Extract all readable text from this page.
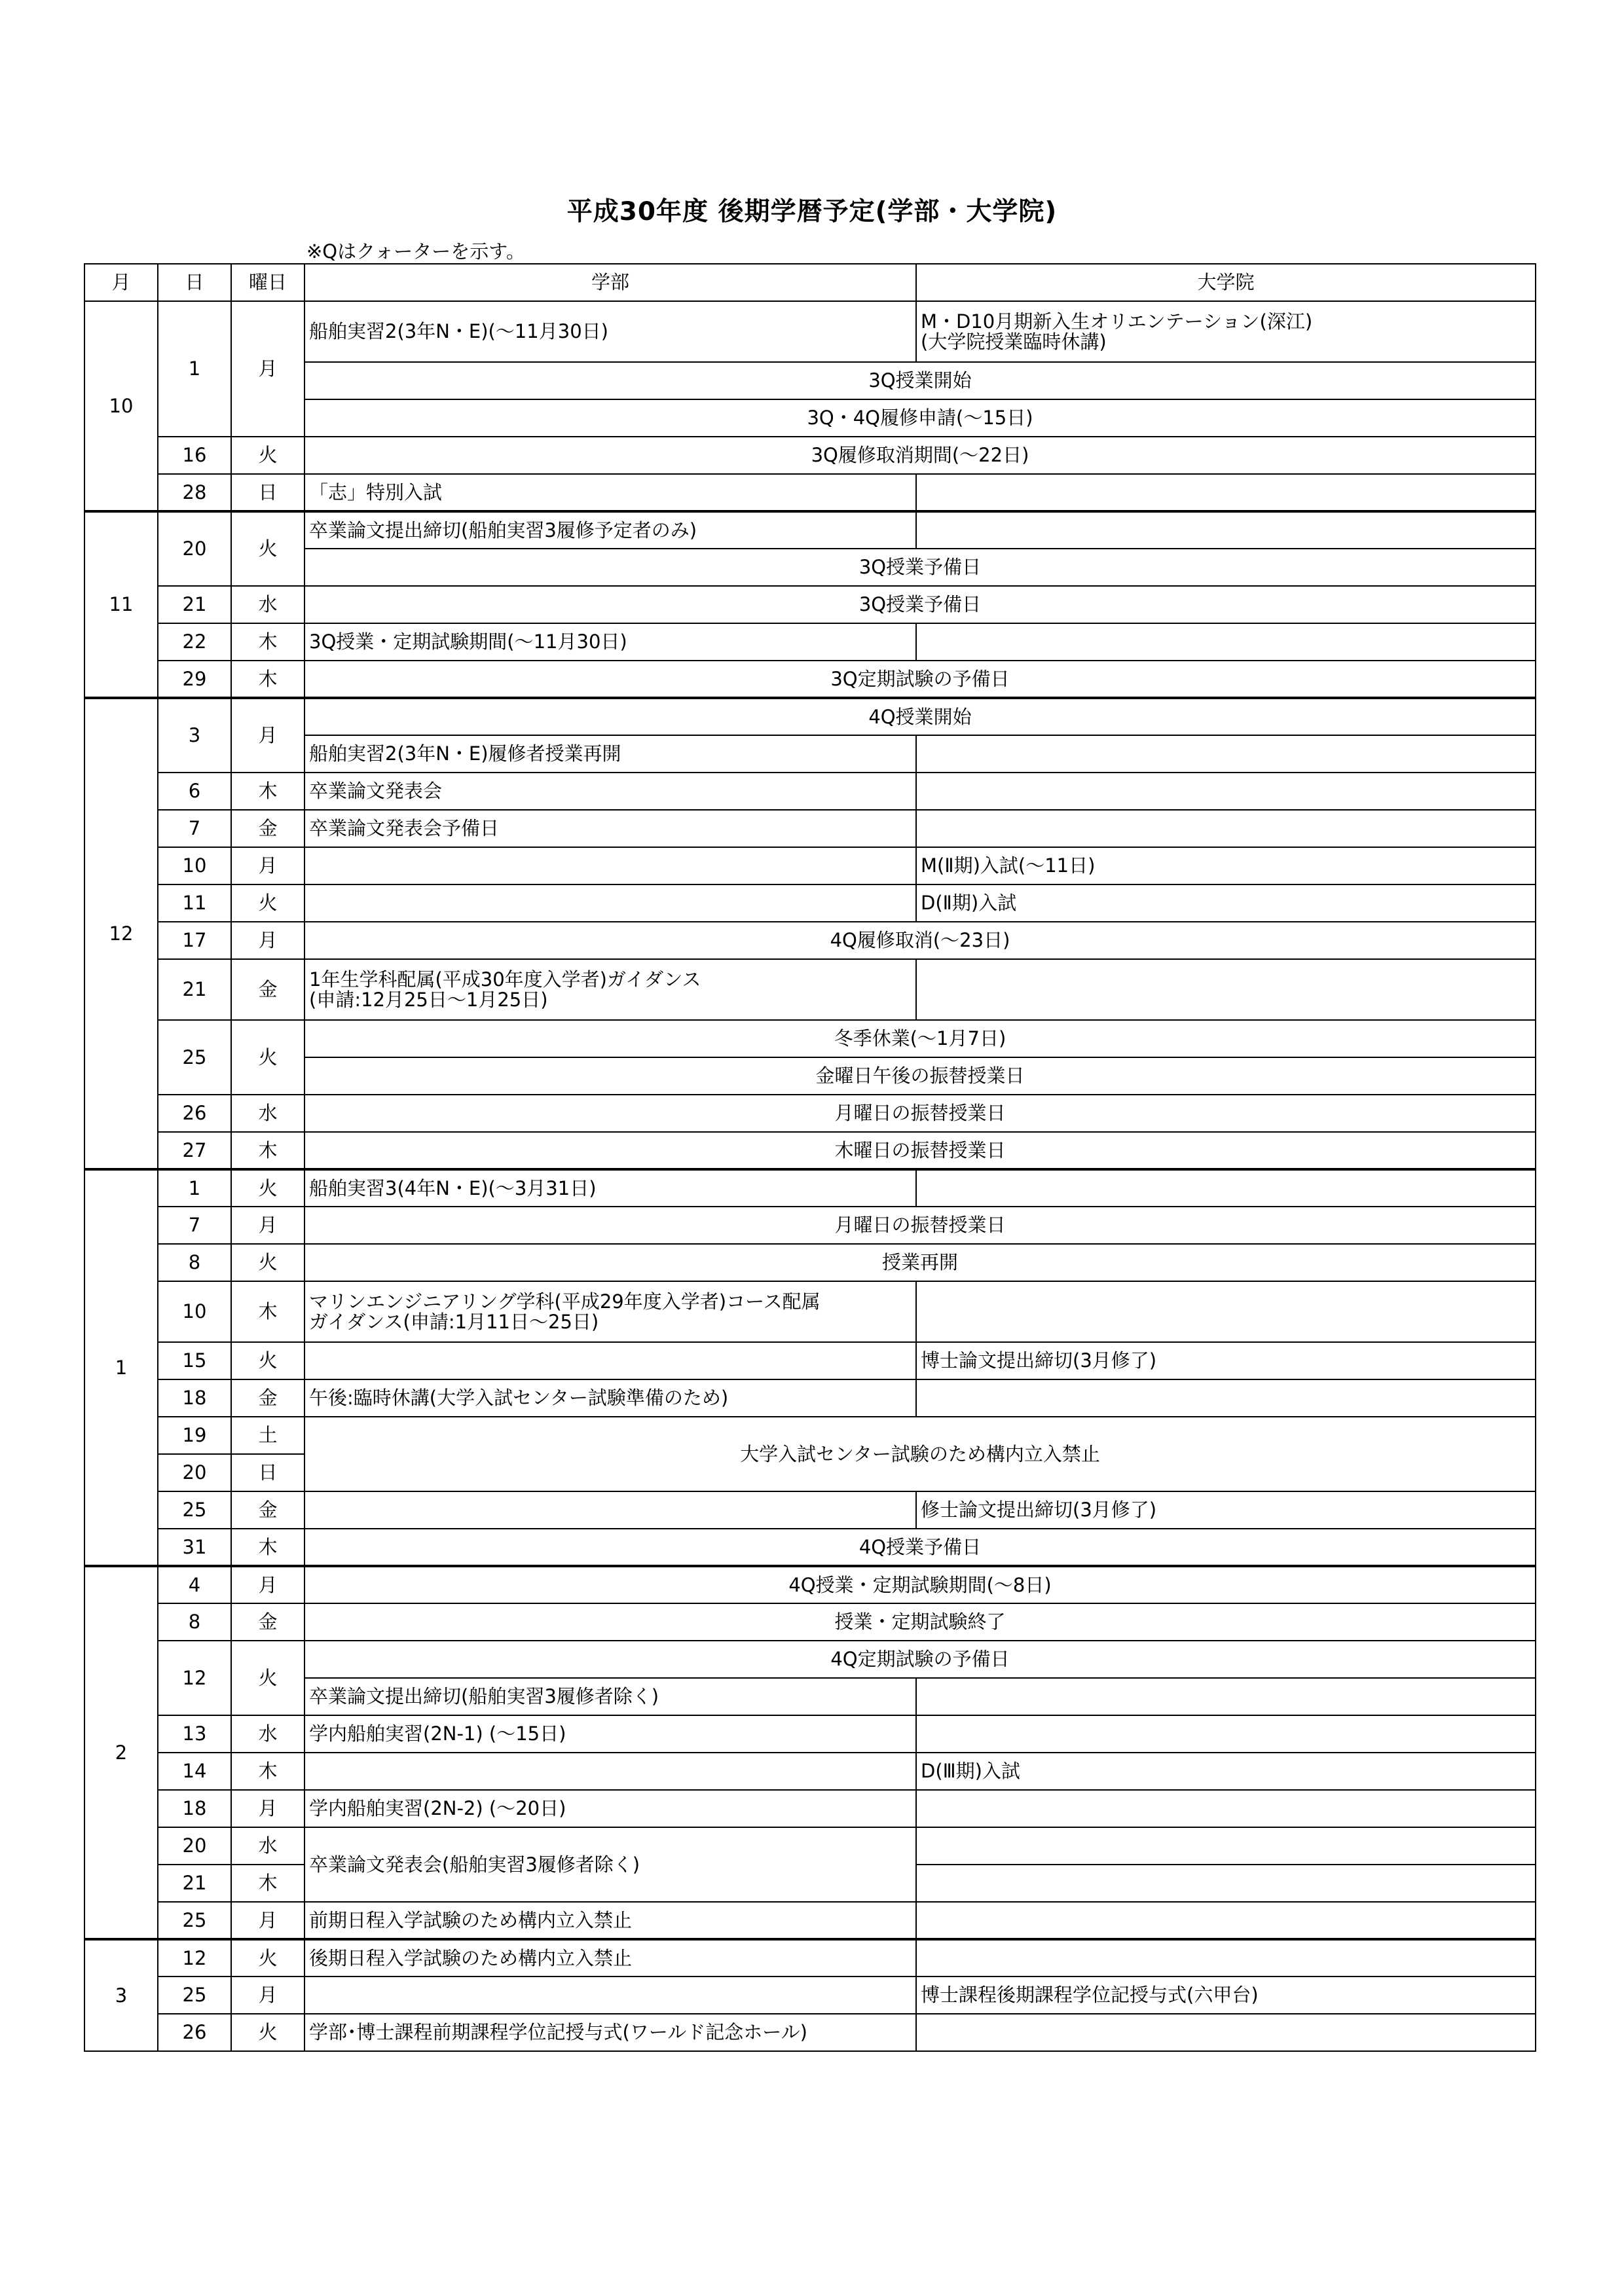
平成30年度 後期学暦予定(学部・大学院)
※Qはクォーターを示す。
月	日	曜日	学部	大学院
10	1	月	船舶実習2(3年N・E)(～11月30日)	M・D10月期新入生オリエンテーション(深江)
(大学院授業臨時休講)
			3Q授業開始	
			3Q・4Q履修申請(～15日)	
	16	火	3Q履修取消期間(～22日)	
	28	日	「志」特別入試	
11	20	火	卒業論文提出締切(船舶実習3履修予定者のみ)	
			3Q授業予備日	
	21	水	3Q授業予備日	
	22	木	3Q授業・定期試験期間(～11月30日)	
	29	木	3Q定期試験の予備日	
12	3	月	4Q授業開始	
			船舶実習2(3年N・E)履修者授業再開	
	6	木	卒業論文発表会	
	7	金	卒業論文発表会予備日	
	10	月		M(Ⅱ期)入試(～11日)
	11	火		D(Ⅱ期)入試
	17	月	4Q履修取消(～23日)	
	21	金	1年生学科配属(平成30年度入学者)ガイダンス
(申請:12月25日～1月25日)	
	25	火	冬季休業(～1月7日)	
			金曜日午後の振替授業日	
	26	水	月曜日の振替授業日	
	27	木	木曜日の振替授業日	
1	1	火	船舶実習3(4年N・E)(～3月31日)	
	7	月	月曜日の振替授業日	
	8	火	授業再開	
	10	木	マリンエンジニアリング学科(平成29年度入学者)コース配属
ガイダンス(申請:1月11日～25日)	
	15	火		博士論文提出締切(3月修了)
	18	金	午後:臨時休講(大学入試センター試験準備のため)	
	19	土	大学入試センター試験のため構内立入禁止	
	20	日		
	25	金		修士論文提出締切(3月修了)
	31	木	4Q授業予備日	
2	4	月	4Q授業・定期試験期間(～8日)	
	8	金	授業・定期試験終了	
	12	火	4Q定期試験の予備日	
			卒業論文提出締切(船舶実習3履修者除く)	
	13	水	学内船舶実習(2N-1) (～15日)	
	14	木		D(Ⅲ期)入試
	18	月	学内船舶実習(2N-2) (～20日)	
	20	水	卒業論文発表会(船舶実習3履修者除く)	
	21	木		
	25	月	前期日程入学試験のため構内立入禁止	
3	12	火	後期日程入学試験のため構内立入禁止	
	25	月		博士課程後期課程学位記授与式(六甲台)
	26	火	学部･博士課程前期課程学位記授与式(ワールド記念ホール)	
